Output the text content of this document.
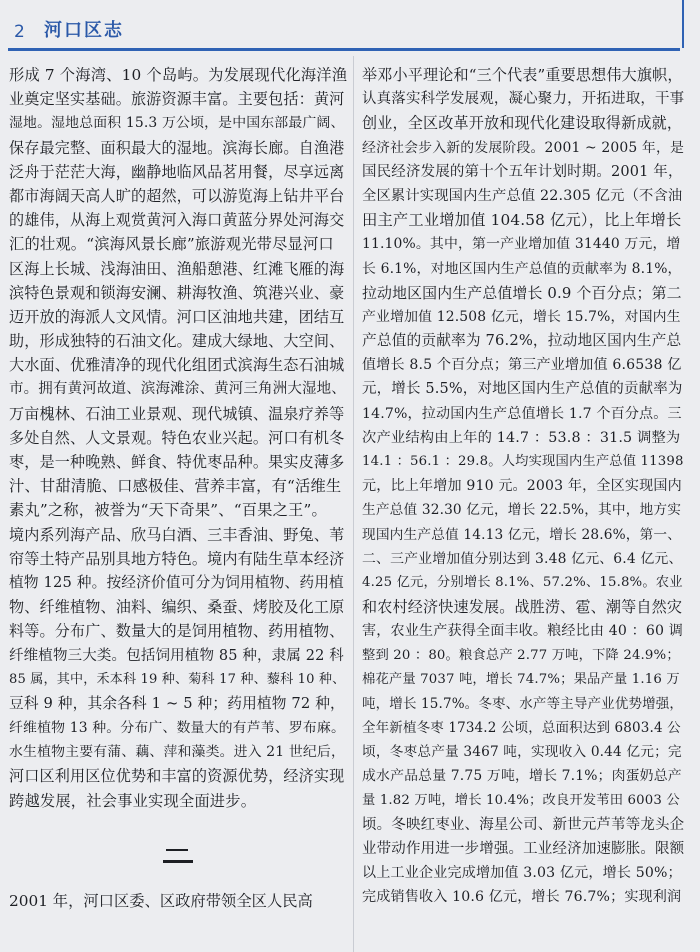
2 河口区志
形成 7 个海湾、10 个岛屿。为发展现代化海洋渔
业奠定坚实基础。旅游资源丰富。主要包括：黄河
湿地。湿地总面积 15.3 万公顷，是中国东部最广阔、
保存最完整、面积最大的湿地。滨海长廊。自渔港
泛舟于茫茫大海，幽静地临风品茗用餐，尽享远离
都市海阔天高人旷的超然，可以游览海上钻井平台
的雄伟，从海上观赏黄河入海口黄蓝分界处河海交
汇的壮观。“滨海风景长廊”旅游观光带尽显河口
区海上长城、浅海油田、渔船憩港、红滩飞雁的海
滨特色景观和锁海安澜、耕海牧渔、筑港兴业、豪
迈开放的海派人文风情。河口区油地共建，团结互
助，形成独特的石油文化。建成大绿地、大空间、
大水面、优雅清净的现代化组团式滨海生态石油城
市。拥有黄河故道、滨海滩涂、黄河三角洲大湿地、
万亩槐林、石油工业景观、现代城镇、温泉疗养等
多处自然、人文景观。特色农业兴起。河口有机冬
枣，是一种晚熟、鲜食、特优枣品种。果实皮薄多
汁、甘甜清脆、口感极佳、营养丰富，有“活维生
素丸”之称，被誉为“天下奇果”、“百果之王”。
境内系列海产品、欣马白酒、三丰香油、野兔、苇
帘等土特产品别具地方特色。境内有陆生草本经济
植物 125 种。按经济价值可分为饲用植物、药用植
物、纤维植物、油料、编织、桑蚕、烤胶及化工原
料等。分布广、数量大的是饲用植物、药用植物、
纤维植物三大类。包括饲用植物 85 种，隶属 22 科
85 属，其中，禾本科 19 种、菊科 17 种、藜科 10 种、
豆科 9 种，其余各科 1 ~ 5 种；药用植物 72 种，
纤维植物 13 种。分布广、数量大的有芦苇、罗布麻。
水生植物主要有蒲、藕、萍和藻类。进入 21 世纪后，
河口区利用区位优势和丰富的资源优势，经济实现
跨越发展，社会事业实现全面进步。
2001 年，河口区委、区政府带领全区人民高
举邓小平理论和“三个代表”重要思想伟大旗帜，
认真落实科学发展观，凝心聚力，开拓进取，干事
创业，全区改革开放和现代化建设取得新成就，
经济社会步入新的发展阶段。2001 ~ 2005 年，是
国民经济发展的第十个五年计划时期。2001 年，
全区累计实现国内生产总值 22.305 亿元（不含油
田主产工业增加值 104.58 亿元），比上年增长
11.10%。其中，第一产业增加值 31440 万元，增
长 6.1%，对地区国内生产总值的贡献率为 8.1%，
拉动地区国内生产总值增长 0.9 个百分点；第二
产业增加值 12.508 亿元，增长 15.7%，对国内生
产总值的贡献率为 76.2%，拉动地区国内生产总
值增长 8.5 个百分点；第三产业增加值 6.6538 亿
元，增长 5.5%，对地区国内生产总值的贡献率为
14.7%，拉动国内生产总值增长 1.7 个百分点。三
次产业结构由上年的 14.7 ：53.8 ：31.5 调整为
14.1 ：56.1 ：29.8。人均实现国内生产总值 11398
元，比上年增加 910 元。2003 年，全区实现国内
生产总值 32.30 亿元，增长 22.5%，其中，地方实
现国内生产总值 14.13 亿元，增长 28.6%，第一、
二、三产业增加值分别达到 3.48 亿元、6.4 亿元、
4.25 亿元，分别增长 8.1%、57.2%、15.8%。农业
和农村经济快速发展。战胜涝、雹、潮等自然灾
害，农业生产获得全面丰收。粮经比由 40 ：60 调
整到 20 ：80。粮食总产 2.77 万吨，下降 24.9%；
棉花产量 7037 吨，增长 74.7%；果品产量 1.16 万
吨，增长 15.7%。冬枣、水产等主导产业优势增强，
全年新植冬枣 1734.2 公顷，总面积达到 6803.4 公
顷，冬枣总产量 3467 吨，实现收入 0.44 亿元；完
成水产品总量 7.75 万吨，增长 7.1%；肉蛋奶总产
量 1.82 万吨，增长 10.4%；改良开发苇田 6003 公
顷。冬映红枣业、海星公司、新世元芦苇等龙头企
业带动作用进一步增强。工业经济加速膨胀。限额
以上工业企业完成增加值 3.03 亿元，增长 50%；
完成销售收入 10.6 亿元，增长 76.7%；实现利润
